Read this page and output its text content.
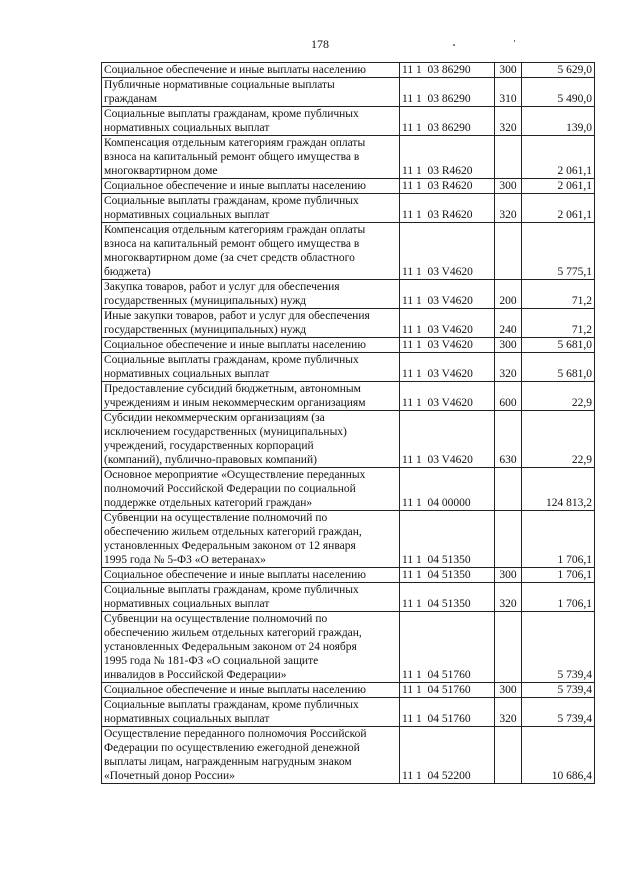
178
Социальное обеспечение и иные выплаты населению	11 1  03 86290	300	5 629,0
Публичные нормативные социальные выплаты
гражданам	11 1  03 86290	310	5 490,0
Социальные выплаты гражданам, кроме публичных
нормативных социальных выплат	11 1  03 86290	320	139,0
Компенсация отдельным категориям граждан оплаты
взноса на капитальный ремонт общего имущества в
многоквартирном доме	11 1  03 R4620		2 061,1
Социальное обеспечение и иные выплаты населению	11 1  03 R4620	300	2 061,1
Социальные выплаты гражданам, кроме публичных
нормативных социальных выплат	11 1  03 R4620	320	2 061,1
Компенсация отдельным категориям граждан оплаты
взноса на капитальный ремонт общего имущества в
многоквартирном доме (за счет средств областного
бюджета)	11 1  03 V4620		5 775,1
Закупка товаров, работ и услуг для обеспечения
государственных (муниципальных) нужд	11 1  03 V4620	200	71,2
Иные закупки товаров, работ и услуг для обеспечения
государственных (муниципальных) нужд	11 1  03 V4620	240	71,2
Социальное обеспечение и иные выплаты населению	11 1  03 V4620	300	5 681,0
Социальные выплаты гражданам, кроме публичных
нормативных социальных выплат	11 1  03 V4620	320	5 681,0
Предоставление субсидий бюджетным, автономным
учреждениям и иным некоммерческим организациям	11 1  03 V4620	600	22,9
Субсидии некоммерческим организациям (за
исключением государственных (муниципальных)
учреждений, государственных корпораций
(компаний), публично-правовых компаний)	11 1  03 V4620	630	22,9
Основное мероприятие «Осуществление переданных
полномочий Российской Федерации по социальной
поддержке отдельных категорий граждан»	11 1  04 00000		124 813,2
Субвенции на осуществление полномочий по
обеспечению жильем отдельных категорий граждан,
установленных Федеральным законом от 12 января
1995 года № 5-ФЗ «О ветеранах»	11 1  04 51350		1 706,1
Социальное обеспечение и иные выплаты населению	11 1  04 51350	300	1 706,1
Социальные выплаты гражданам, кроме публичных
нормативных социальных выплат	11 1  04 51350	320	1 706,1
Субвенции на осуществление полномочий по
обеспечению жильем отдельных категорий граждан,
установленных Федеральным законом от 24 ноября
1995 года № 181-ФЗ «О социальной защите
инвалидов в Российской Федерации»	11 1  04 51760		5 739,4
Социальное обеспечение и иные выплаты населению	11 1  04 51760	300	5 739,4
Социальные выплаты гражданам, кроме публичных
нормативных социальных выплат	11 1  04 51760	320	5 739,4
Осуществление переданного полномочия Российской
Федерации по осуществлению ежегодной денежной
выплаты лицам, награжденным нагрудным знаком
«Почетный донор России»	11 1  04 52200		10 686,4
